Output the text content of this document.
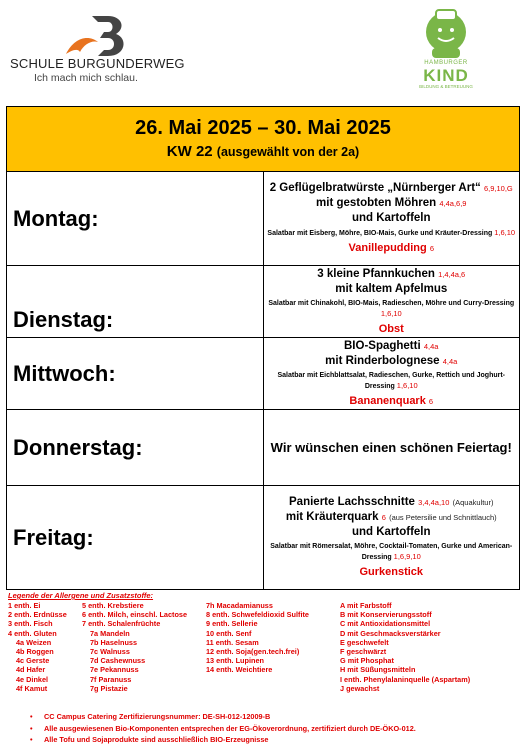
SCHULE BURGUNDERWEG
Ich mach mich schlau.
HAMBURGER
KIND
BILDUNG & BETREUUNG
26. Mai 2025 – 30. Mai 2025
KW 22 (ausgewählt von der 2a)	

Montag:	2 Geflügelbratwürste „Nürnberger Art“ 6,9,10,G
mit gestobten Möhren 4,4a,6,9
und Kartoffeln
Salatbar mit Eisberg, Möhre, BIO-Mais, Gurke und Kräuter-Dressing 1,6,10
Vanillepudding 6

Dienstag:	3 kleine Pfannkuchen 1,4,4a,6
mit kaltem Apfelmus
Salatbar mit Chinakohl, BIO-Mais, Radieschen, Möhre und Curry-Dressing 1,6,10
Obst

Mittwoch:	BIO-Spaghetti 4,4a
mit Rinderbolognese 4,4a
Salatbar mit Eichblattsalat, Radieschen, Gurke, Rettich und Joghurt-Dressing 1,6,10
Bananenquark 6

Donnerstag:	Wir wünschen einen schönen Feiertag!
Freitag:	Panierte Lachsschnitte 3,4,4a,10 (Aquakultur)
mit Kräuterquark 6 (aus Petersilie und Schnittlauch)
und Kartoffeln
Salatbar mit Römersalat, Möhre, Cocktail-Tomaten, Gurke und American-Dressing 1,6,9,10
Gurkenstick
Legende der Allergene und Zusatzstoffe:
1 enth. Ei
2 enth. Erdnüsse
3 enth. Fisch
4 enth. Gluten
4a Weizen
4b Roggen
4c Gerste
4d Hafer
4e Dinkel
4f Kamut
5 enth. Krebstiere
6 enth. Milch, einschl. Lactose
7 enth. Schalenfrüchte
7a Mandeln
7b Haselnuss
7c Walnuss
7d Cashewnuss
7e Pekannuss
7f Paranuss
7g Pistazie
7h Macadamianuss
8 enth. Schwefeldioxid Sulfite
9 enth. Sellerie
10 enth. Senf
11 enth. Sesam
12 enth. Soja(gen.tech.frei)
13 enth. Lupinen
14 enth. Weichtiere
A mit Farbstoff
B mit Konservierungsstoff
C mit Antioxidationsmittel
D mit Geschmacksverstärker
E geschwefelt
F geschwärzt
G mit Phosphat
H mit Süßungsmitteln
I enth. Phenylalaninquelle (Aspartam)
J gewachst
• CC Campus Catering Zertifizierungsnummer: DE-SH-012-12009-B
• Alle ausgewiesenen Bio-Komponenten entsprechen der EG-Ökoverordnung, zertifiziert durch DE-ÖKO-012.
• Alle Tofu und Sojaprodukte sind ausschließlich BIO-Erzeugnisse
